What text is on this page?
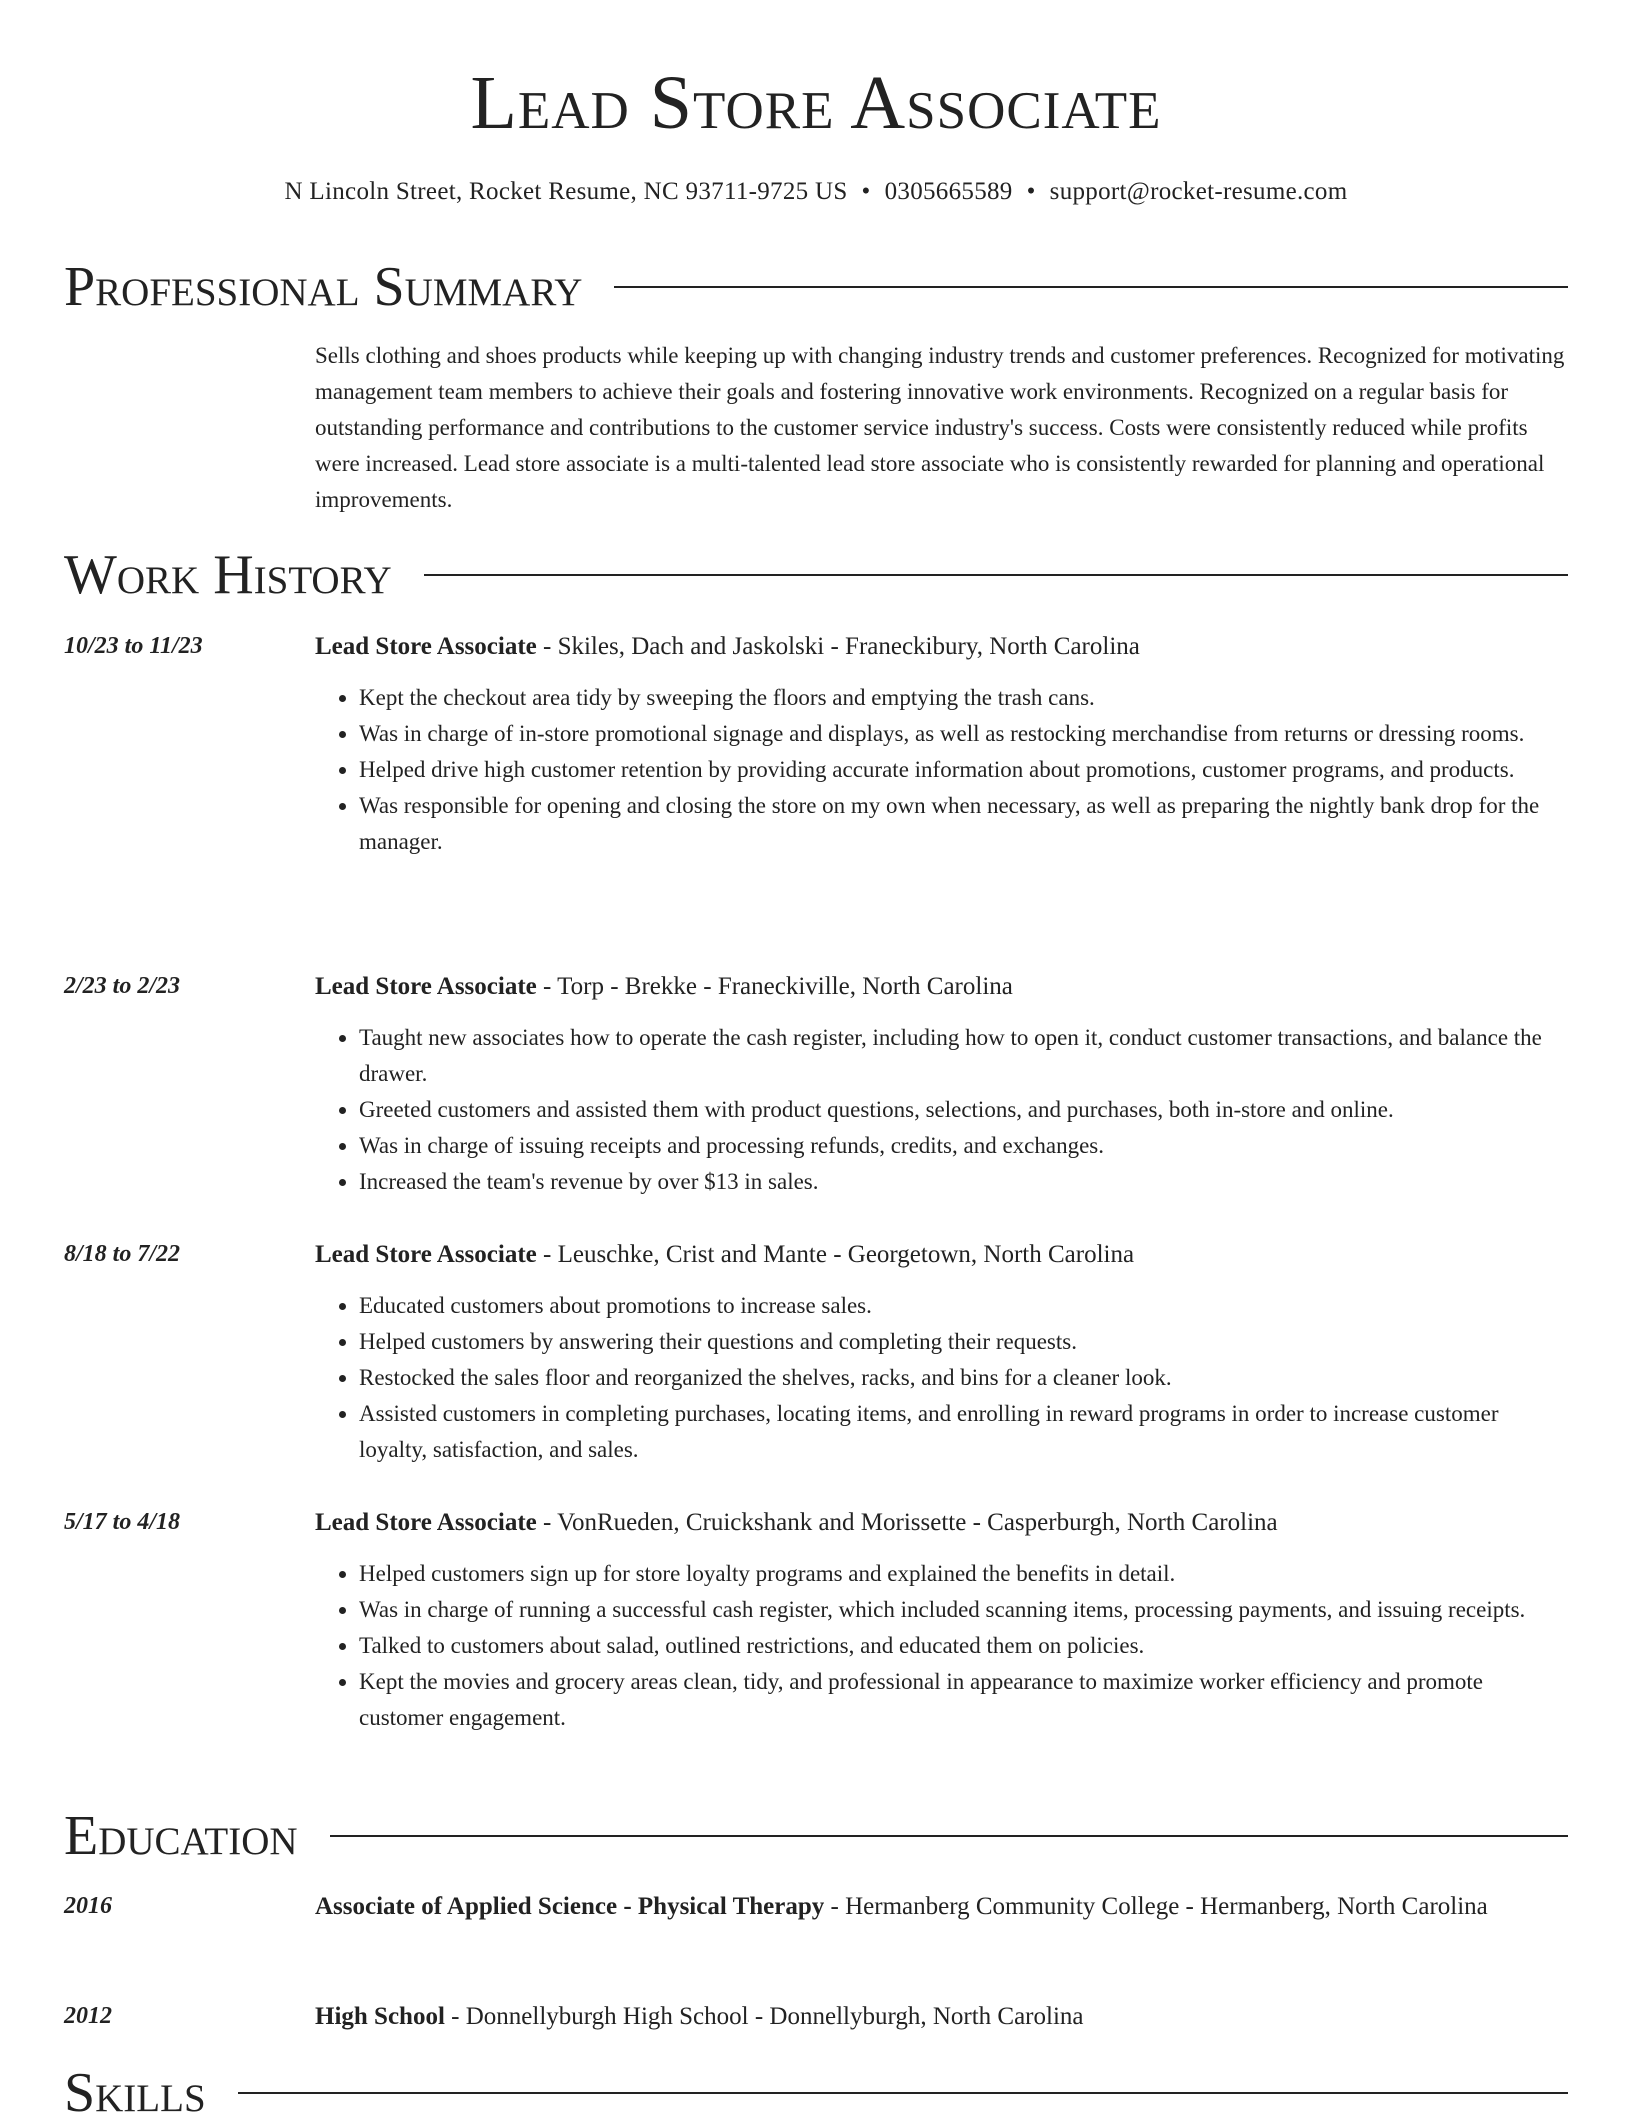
Lead Store Associate
N Lincoln Street, Rocket Resume, NC 93711-9725 US • 0305665589 • support@rocket-resume.com
Professional Summary
Sells clothing and shoes products while keeping up with changing industry trends and customer preferences. Recognized for motivating management team members to achieve their goals and fostering innovative work environments. Recognized on a regular basis for outstanding performance and contributions to the customer service industry's success. Costs were consistently reduced while profits were increased. Lead store associate is a multi-talented lead store associate who is consistently rewarded for planning and operational improvements.
Work History
10/23 to 11/23	Lead Store Associate - Skiles, Dach and Jaskolski - Franeckibury, North Carolina
• Kept the checkout area tidy by sweeping the floors and emptying the trash cans.
• Was in charge of in-store promotional signage and displays, as well as restocking merchandise from returns or dressing rooms.
• Helped drive high customer retention by providing accurate information about promotions, customer programs, and products.
• Was responsible for opening and closing the store on my own when necessary, as well as preparing the nightly bank drop for the manager.
2/23 to 2/23	Lead Store Associate - Torp - Brekke - Franeckiville, North Carolina
• Taught new associates how to operate the cash register, including how to open it, conduct customer transactions, and balance the drawer.
• Greeted customers and assisted them with product questions, selections, and purchases, both in-store and online.
• Was in charge of issuing receipts and processing refunds, credits, and exchanges.
• Increased the team's revenue by over $13 in sales.
8/18 to 7/22	Lead Store Associate - Leuschke, Crist and Mante - Georgetown, North Carolina
• Educated customers about promotions to increase sales.
• Helped customers by answering their questions and completing their requests.
• Restocked the sales floor and reorganized the shelves, racks, and bins for a cleaner look.
• Assisted customers in completing purchases, locating items, and enrolling in reward programs in order to increase customer loyalty, satisfaction, and sales.
5/17 to 4/18	Lead Store Associate - VonRueden, Cruickshank and Morissette - Casperburgh, North Carolina
• Helped customers sign up for store loyalty programs and explained the benefits in detail.
• Was in charge of running a successful cash register, which included scanning items, processing payments, and issuing receipts.
• Talked to customers about salad, outlined restrictions, and educated them on policies.
• Kept the movies and grocery areas clean, tidy, and professional in appearance to maximize worker efficiency and promote customer engagement.
Education
2016	Associate of Applied Science - Physical Therapy - Hermanberg Community College - Hermanberg, North Carolina
2012	High School - Donnellyburgh High School - Donnellyburgh, North Carolina
Skills
